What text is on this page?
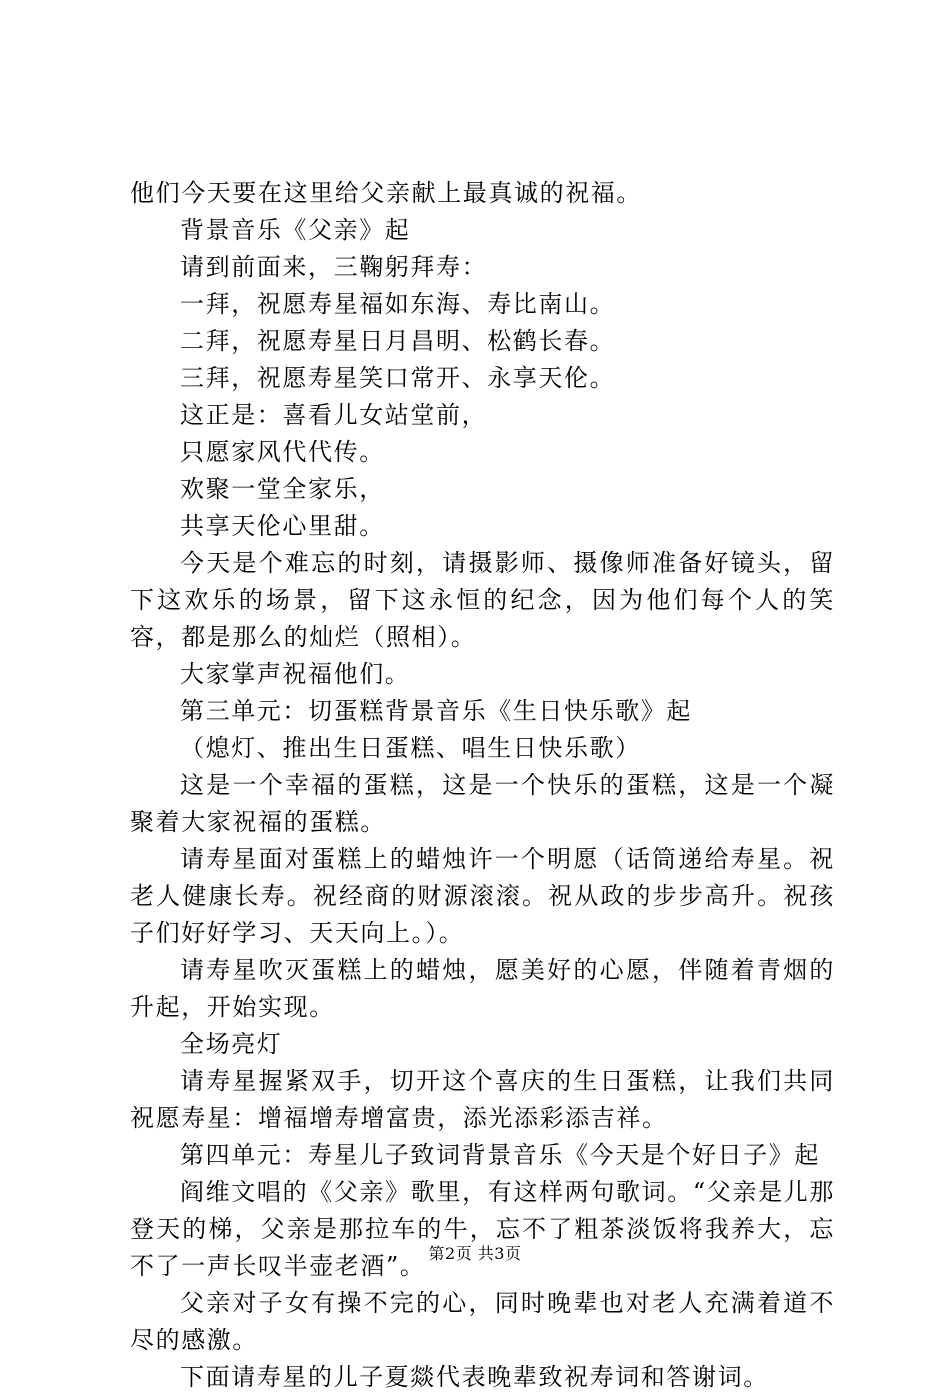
他们今天要在这里给父亲献上最真诚的祝福。

背景音乐《父亲》起

请到前面来，三鞠躬拜寿：

一拜，祝愿寿星福如东海、寿比南山。

二拜，祝愿寿星日月昌明、松鹤长春。

三拜，祝愿寿星笑口常开、永享天伦。

这正是：喜看儿女站堂前，

只愿家风代代传。

欢聚一堂全家乐，

共享天伦心里甜。

今天是个难忘的时刻，请摄影师、摄像师准备好镜头，留下这欢乐的场景，留下这永恒的纪念，因为他们每个人的笑容，都是那么的灿烂（照相）。

大家掌声祝福他们。

第三单元：切蛋糕背景音乐《生日快乐歌》起

（熄灯、推出生日蛋糕、唱生日快乐歌）

这是一个幸福的蛋糕，这是一个快乐的蛋糕，这是一个凝聚着大家祝福的蛋糕。

请寿星面对蛋糕上的蜡烛许一个明愿（话筒递给寿星。祝老人健康长寿。祝经商的财源滚滚。祝从政的步步高升。祝孩子们好好学习、天天向上。）。

请寿星吹灭蛋糕上的蜡烛，愿美好的心愿，伴随着青烟的升起，开始实现。

全场亮灯

请寿星握紧双手，切开这个喜庆的生日蛋糕，让我们共同祝愿寿星：增福增寿增富贵，添光添彩添吉祥。

第四单元：寿星儿子致词背景音乐《今天是个好日子》起

阎维文唱的《父亲》歌里，有这样两句歌词。“父亲是儿那登天的梯，父亲是那拉车的牛，忘不了粗茶淡饭将我养大，忘不了一声长叹半壶老酒”。

父亲对子女有操不完的心，同时晚辈也对老人充满着道不尽的感激。

下面请寿星的儿子夏燚代表晚辈致祝寿词和答谢词。

第2页 共3页
